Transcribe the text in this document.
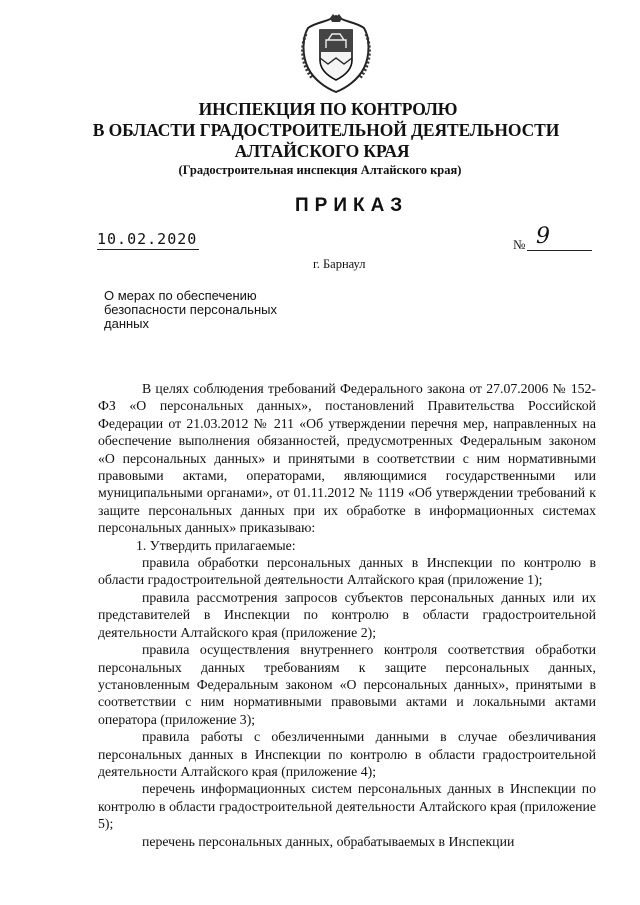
ИНСПЕКЦИЯ ПО КОНТРОЛЮ
В ОБЛАСТИ ГРАДОСТРОИТЕЛЬНОЙ ДЕЯТЕЛЬНОСТИ
АЛТАЙСКОГО КРАЯ
(Градостроительная инспекция Алтайского края)
ПРИКАЗ
10.02.2020	№ 9
г. Барнаул
О мерах по обеспечению безопасности персональных данных

В целях соблюдения требований Федерального закона от 27.07.2006 № 152-ФЗ «О персональных данных», постановлений Правительства Российской Федерации от 21.03.2012 № 211 «Об утверждении перечня мер, направленных на обеспечение выполнения обязанностей, предусмотренных Федеральным законом «О персональных данных» и принятыми в соответствии с ним нормативными правовыми актами, операторами, являющимися государственными или муниципальными органами», от 01.11.2012 № 1119 «Об утверждении требований к защите персональных данных при их обработке в информационных системах персональных данных» приказываю:

1. Утвердить прилагаемые:

правила обработки персональных данных в Инспекции по контролю в области градостроительной деятельности Алтайского края (приложение 1);

правила рассмотрения запросов субъектов персональных данных или их представителей в Инспекции по контролю в области градостроительной деятельности Алтайского края (приложение 2);

правила осуществления внутреннего контроля соответствия обработки персональных данных требованиям к защите персональных данных, установленным Федеральным законом «О персональных данных», принятыми в соответствии с ним нормативными правовыми актами и локальными актами оператора (приложение 3);

правила работы с обезличенными данными в случае обезличивания персональных данных в Инспекции по контролю в области градостроительной деятельности Алтайского края (приложение 4);

перечень информационных систем персональных данных в Инспекции по контролю в области градостроительной деятельности Алтайского края (приложение 5);

перечень персональных данных, обрабатываемых в Инспекции
